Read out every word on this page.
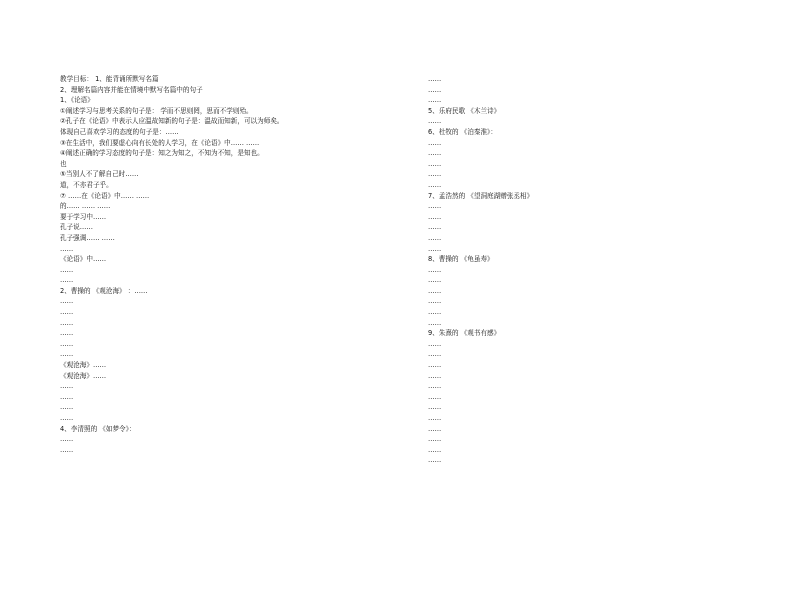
教学目标： 1、能背诵所默写名篇
2、理解名篇内容并能在情境中默写名篇中的句子
1、《论语》
①阐述学习与思考关系的句子是： 学而不思则罔，思而不学则殆。
②孔子在《论语》中表示人应温故知新的句子是：温故而知新，可以为师矣。
体现自己喜欢学习的态度的句子是：……
③在生活中，我们要虚心向有长处的人学习，在《论语》中…… ……
④阐述正确的学习态度的句子是：知之为知之，不知为不知，是知也。
也
⑤当别人不了解自己时……
道，不亦君子乎。
⑦ ……在《论语》中…… ……
的…… …… ……
要于学习中……
孔子说……
孔子强调…… ……
……
《论语》中……
……
……
2、曹操的 《观沧海》 ：……
……
……
……
……
……
……
《观沧海》……
《观沧海》……
……
……
……
……
4、李清照的 《如梦令》：
……
……
……
……
……
5、乐府民歌 《木兰诗》
……
6、杜牧的 《泊秦淮》：
……
……
……
……
……
7、孟浩然的 《望洞庭湖赠张丞相》
……
……
……
……
……
8、曹操的 《龟虽寿》
……
……
……
……
……
……
9、朱熹的 《观书有感》
……
……
……
……
……
……
……
……
……
……
……
……
